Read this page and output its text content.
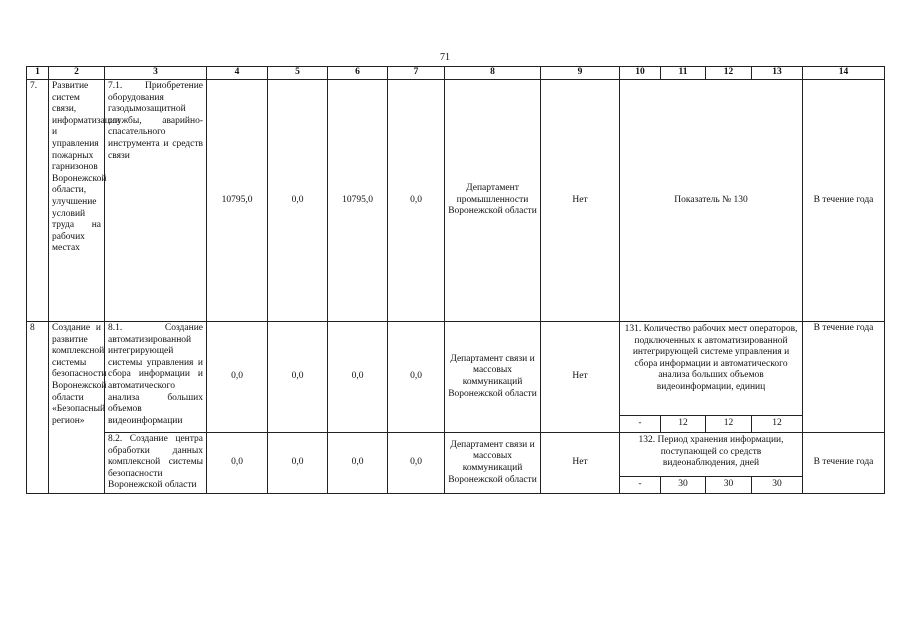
71
1	2	3	4	5	6	7	8	9	10	11	12	13	14
7.	Развитие систем связи, информатизации и управления пожарных гарнизонов Воронежской области, улучшение условий труда на рабочих местах	7.1. Приобретение оборудования газодымозащитной службы, аварийно-спасательного инструмента и средств связи	10795,0	0,0	10795,0	0,0	Департамент промышленности Воронежской области	Нет	Показатель № 130				В течение года
8	Создание и развитие комплексной системы безопасности Воронежской области «Безопасный регион»	8.1. Создание автоматизированной интегрирующей системы управления и сбора информации и автоматического анализа больших объемов видеоинформации	0,0	0,0	0,0	0,0	Департамент связи и массовых коммуникаций Воронежской области	Нет	131. Количество рабочих мест операторов, подключенных к автоматизированной интегрирующей системе управления и сбора информации и автоматического анализа больших объемов видеоинформации, единиц				В течение года
									-	12	12	12	
		8.2. Создание центра обработки данных комплексной системы безопасности Воронежской области	0,0	0,0	0,0	0,0	Департамент связи и массовых коммуникаций Воронежской области	Нет	132. Период хранения информации, поступающей со средств видеонаблюдения, дней				В течение года
									-	30	30	30	
